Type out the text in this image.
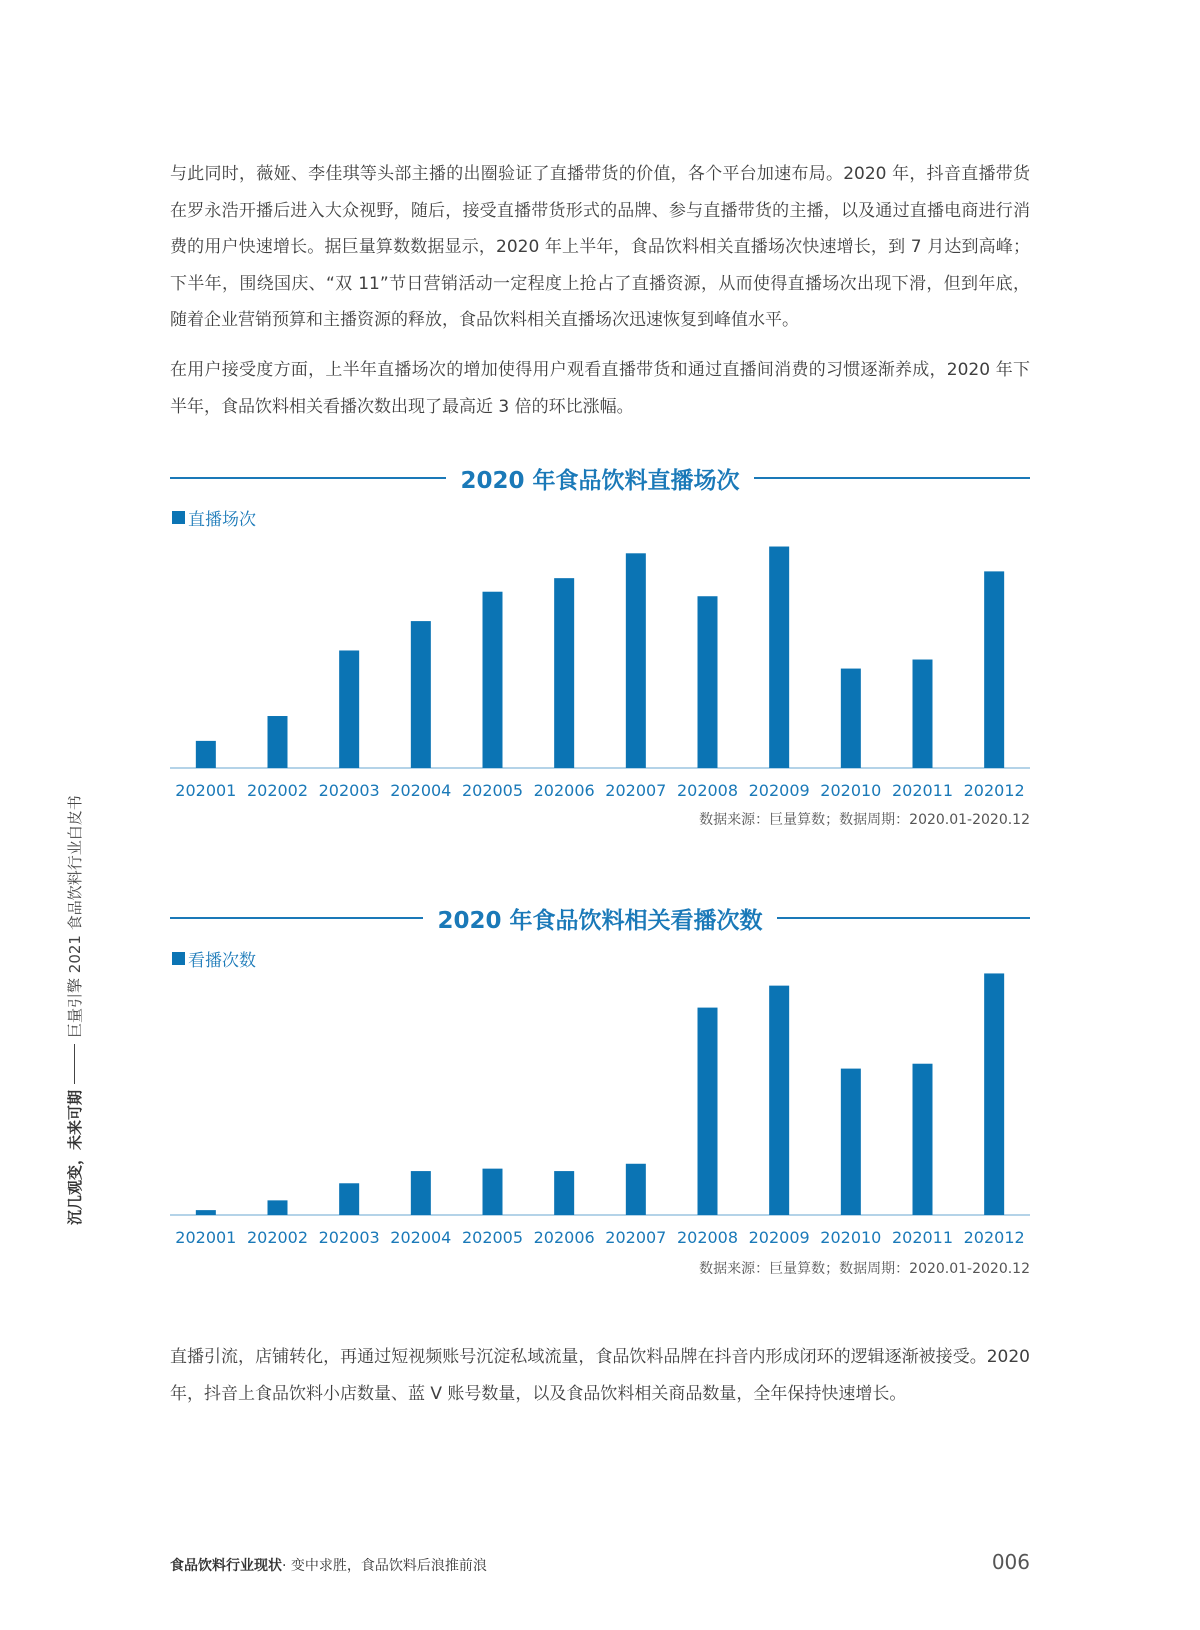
沉几观变，未来可期
巨量引擎 2021 食品饮料行业白皮书

与此同时，薇娅、李佳琪等头部主播的出圈验证了直播带货的价值，各个平台加速布局。2020 年，抖音直播带货在罗永浩开播后进入大众视野，随后，接受直播带货形式的品牌、参与直播带货的主播，以及通过直播电商进行消费的用户快速增长。据巨量算数数据显示，2020 年上半年，食品饮料相关直播场次快速增长，到 7 月达到高峰；下半年，围绕国庆、“双 11”节日营销活动一定程度上抢占了直播资源，从而使得直播场次出现下滑，但到年底，随着企业营销预算和主播资源的释放，食品饮料相关直播场次迅速恢复到峰值水平。

在用户接受度方面，上半年直播场次的增加使得用户观看直播带货和通过直播间消费的习惯逐渐养成，2020 年下半年，食品饮料相关看播次数出现了最高近 3 倍的环比涨幅。

2020 年食品饮料直播场次
直播场次
202001 202002 202003 202004 202005 202006 202007 202008 202009 202010 202011 202012
数据来源：巨量算数；数据周期：2020.01-2020.12
2020 年食品饮料相关看播次数
看播次数
202001 202002 202003 202004 202005 202006 202007 202008 202009 202010 202011 202012
数据来源：巨量算数；数据周期：2020.01-2020.12

直播引流，店铺转化，再通过短视频账号沉淀私域流量，食品饮料品牌在抖音内形成闭环的逻辑逐渐被接受。2020 年，抖音上食品饮料小店数量、蓝 V 账号数量，以及食品饮料相关商品数量，全年保持快速增长。

食品饮料行业现状· 变中求胜，食品饮料后浪推前浪	006
